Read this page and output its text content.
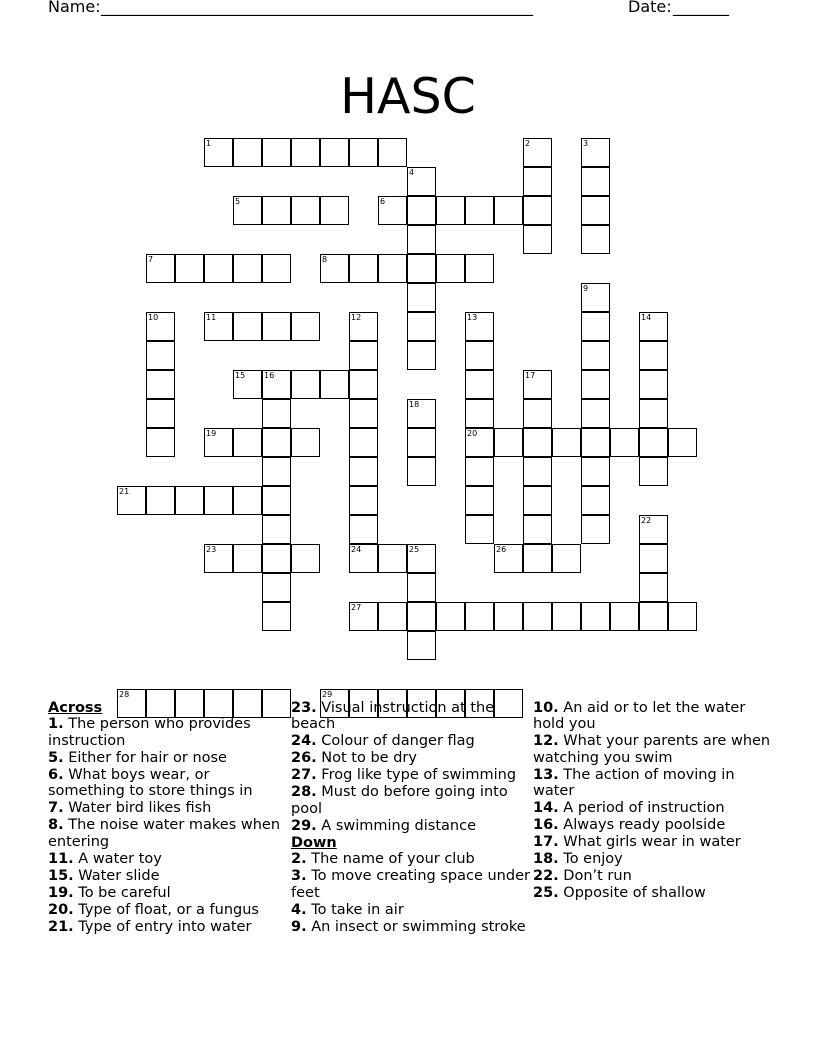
Name: ______________________________________________________	Date: _______
HASC
1	2	3
4
5	6
7	8
9
10	11	12	13	14
15 16	17
18
19	20
21
22
23	24	25	26
27
28	29
Across
1. The person who provides instruction
5. Either for hair or nose
6. What boys wear, or something to store things in
7. Water bird likes fish
8. The noise water makes when entering
11. A water toy
15. Water slide
19. To be careful
20. Type of float, or a fungus
21. Type of entry into water
23. Visual instruction at the beach
24. Colour of danger flag
26. Not to be dry
27. Frog like type of swimming
28. Must do before going into pool
29. A swimming distance
Down
2. The name of your club
3. To move creating space under feet
4. To take in air
9. An insect or swimming stroke
10. An aid or to let the water hold you
12. What your parents are when watching you swim
13. The action of moving in water
14. A period of instruction
16. Always ready poolside
17. What girls wear in water
18. To enjoy
22. Don’t run
25. Opposite of shallow
